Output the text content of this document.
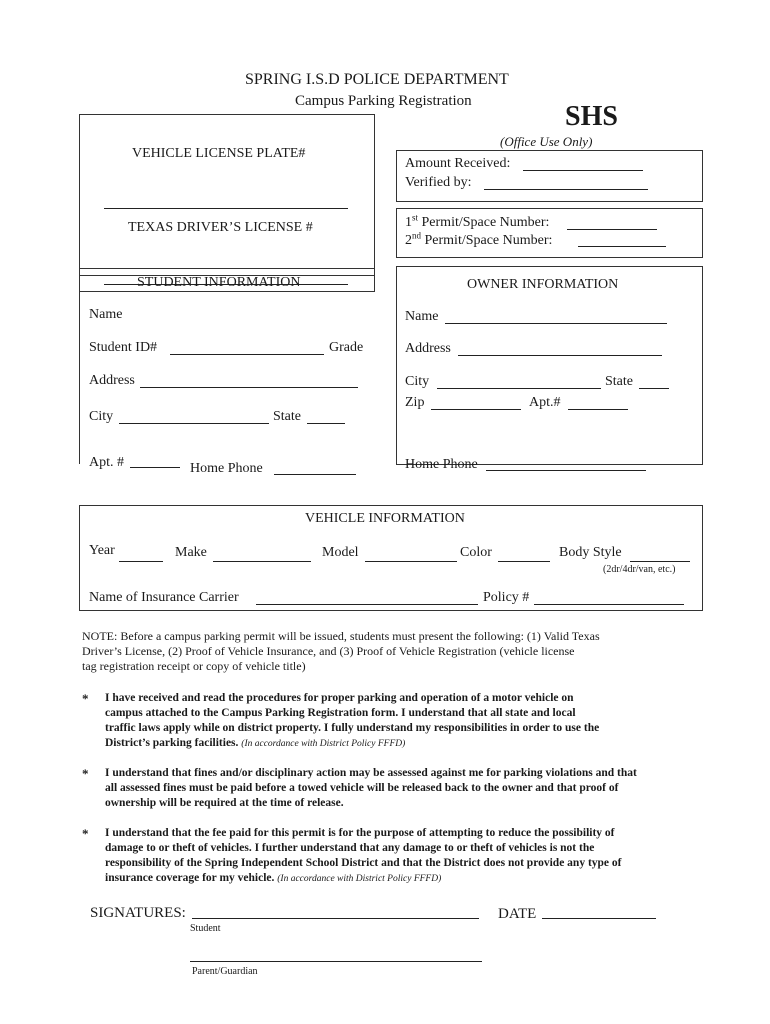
SPRING I.S.D POLICE DEPARTMENT
Campus Parking Registration	SHS
(Office Use Only)
VEHICLE LICENSE PLATE#
TEXAS DRIVER’S LICENSE #
Amount Received:
Verified by:
1st Permit/Space Number:
2nd Permit/Space Number:
STUDENT INFORMATION
Name
Student ID#	Grade
Address
City	State
Apt. #	Home Phone
OWNER INFORMATION
Name
Address
City	State
Zip	Apt.#
Home Phone
VEHICLE INFORMATION
Year	Make	Model	Color	Body Style
(2dr/4dr/van, etc.)
Name of Insurance Carrier	Policy #
NOTE: Before a campus parking permit will be issued, students must present the following: (1) Valid Texas
Driver’s License, (2) Proof of Vehicle Insurance, and (3) Proof of Vehicle Registration (vehicle license
tag registration receipt or copy of vehicle title)
* I have received and read the procedures for proper parking and operation of a motor vehicle on
campus attached to the Campus Parking Registration form. I understand that all state and local
traffic laws apply while on district property. I fully understand my responsibilities in order to use the
District’s parking facilities. (In accordance with District Policy FFFD)
* I understand that fines and/or disciplinary action may be assessed against me for parking violations and that
all assessed fines must be paid before a towed vehicle will be released back to the owner and that proof of
ownership will be required at the time of release.
* I understand that the fee paid for this permit is for the purpose of attempting to reduce the possibility of
damage to or theft of vehicles. I further understand that any damage to or theft of vehicles is not the
responsibility of the Spring Independent School District and that the District does not provide any type of
insurance coverage for my vehicle. (In accordance with District Policy FFFD)
SIGNATURES:
Student
DATE
Parent/Guardian
